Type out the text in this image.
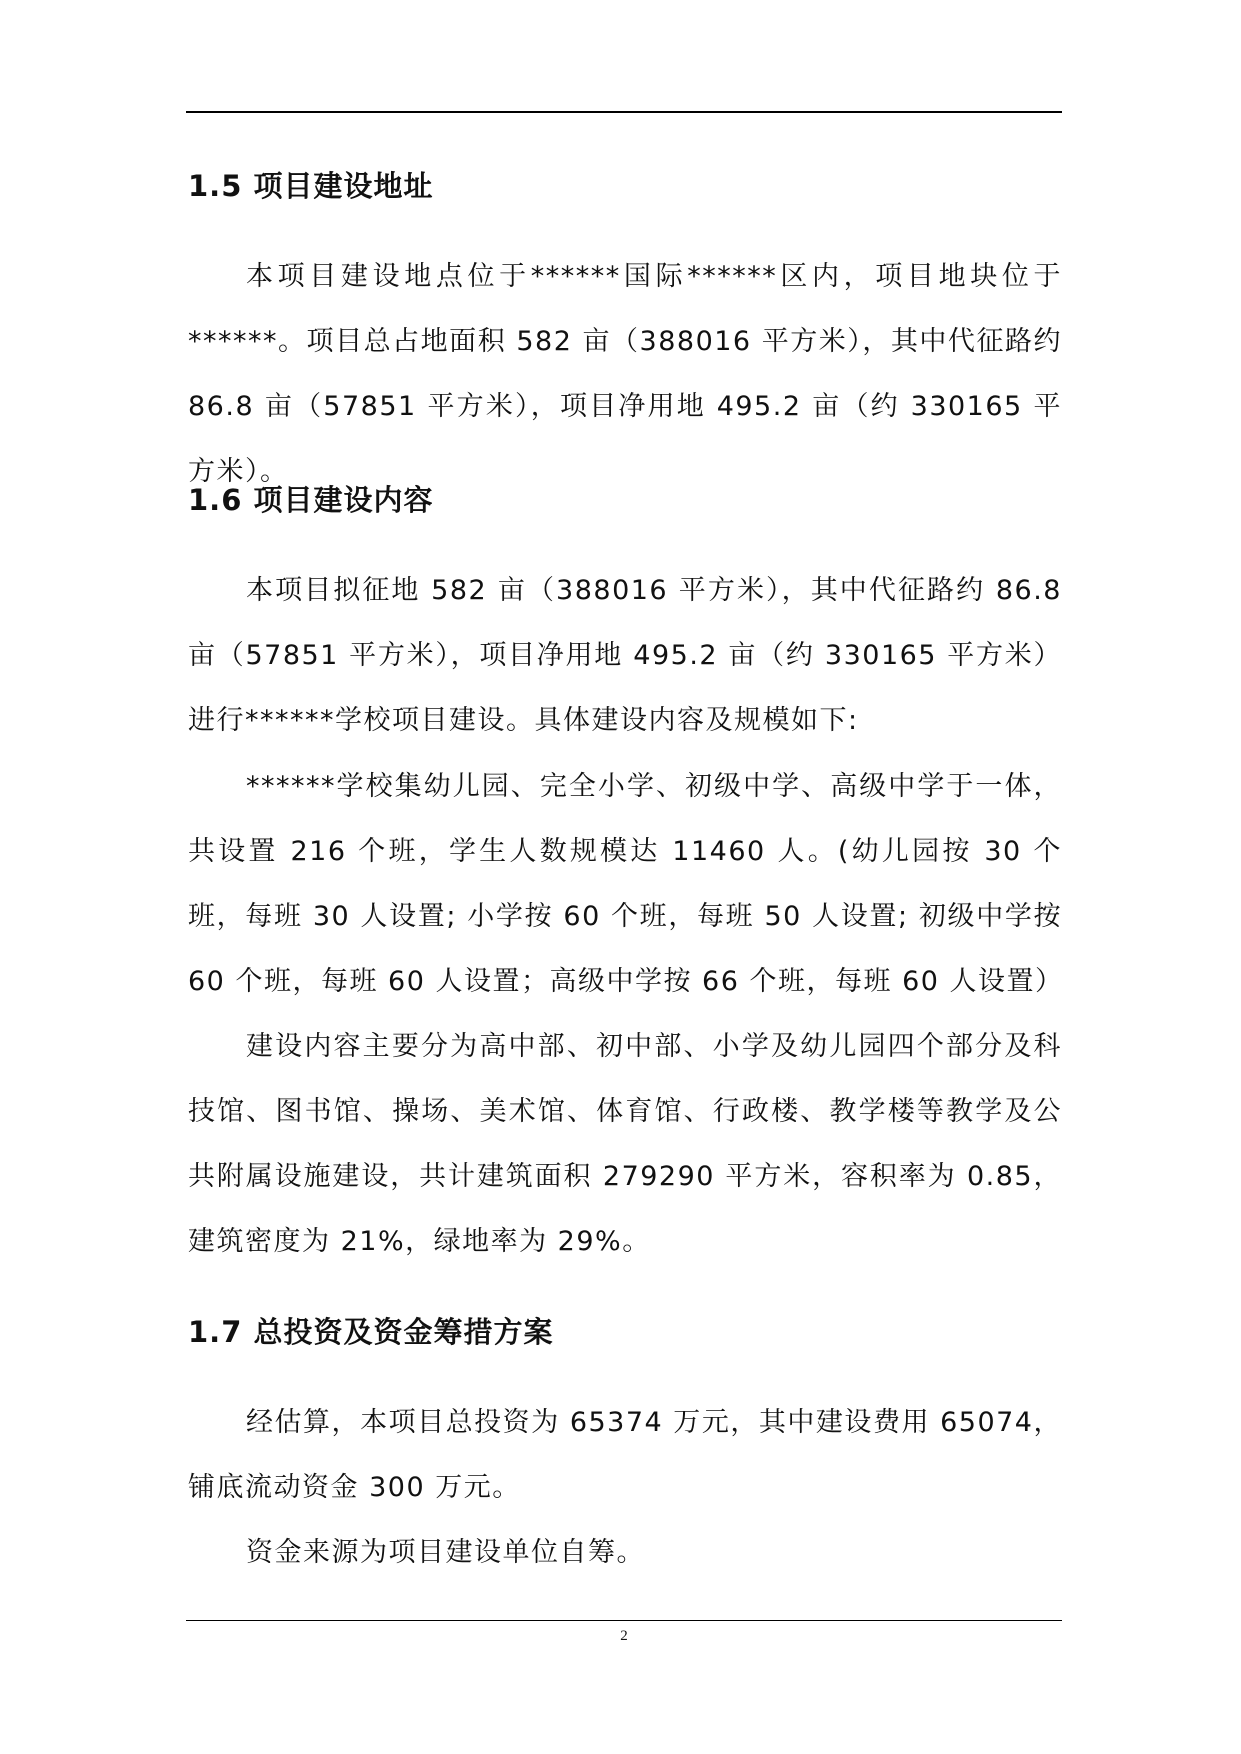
1.5 项目建设地址
本项目建设地点位于******国际******区内，项目地块位于******。项目总占地面积 582 亩（388016 平方米），其中代征路约 86.8 亩（57851 平方米），项目净用地 495.2 亩（约 330165 平方米）。
1.6 项目建设内容
本项目拟征地 582 亩（388016 平方米），其中代征路约 86.8 亩（57851 平方米），项目净用地 495.2 亩（约 330165 平方米）进行******学校项目建设。具体建设内容及规模如下:
******学校集幼儿园、完全小学、初级中学、高级中学于一体，共设置 216 个班，学生人数规模达 11460 人。(幼儿园按 30 个班，每班 30 人设置; 小学按 60 个班，每班 50 人设置; 初级中学按 60 个班，每班 60 人设置；高级中学按 66 个班，每班 60 人设置）
建设内容主要分为高中部、初中部、小学及幼儿园四个部分及科技馆、图书馆、操场、美术馆、体育馆、行政楼、教学楼等教学及公共附属设施建设，共计建筑面积 279290 平方米，容积率为 0.85，建筑密度为 21%，绿地率为 29%。
1.7 总投资及资金筹措方案
经估算，本项目总投资为 65374 万元，其中建设费用 65074，铺底流动资金 300 万元。
资金来源为项目建设单位自筹。
2
